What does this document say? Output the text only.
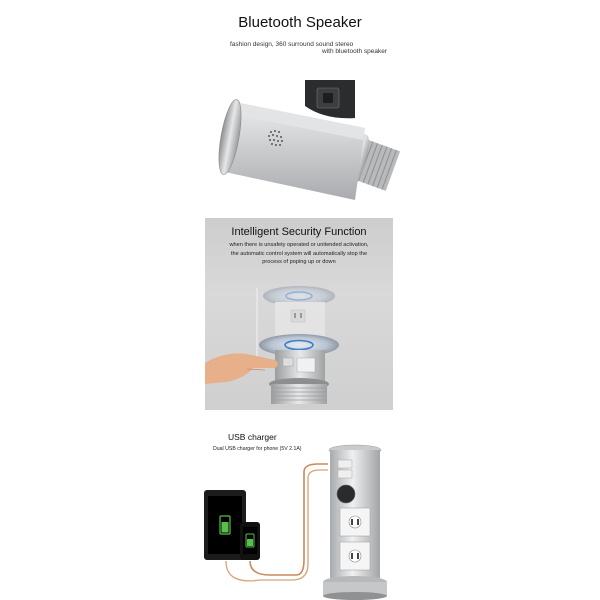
Bluetooth Speaker
fashion design, 360 surround sound stereo
with bluetooth speaker
Intelligent Security Function
when there is unsafety operated or unitended activation,
the automatic control system will automatically stop the
process of poping up or down
USB charger
Dual USB charger for phone (5V 2.1A)
